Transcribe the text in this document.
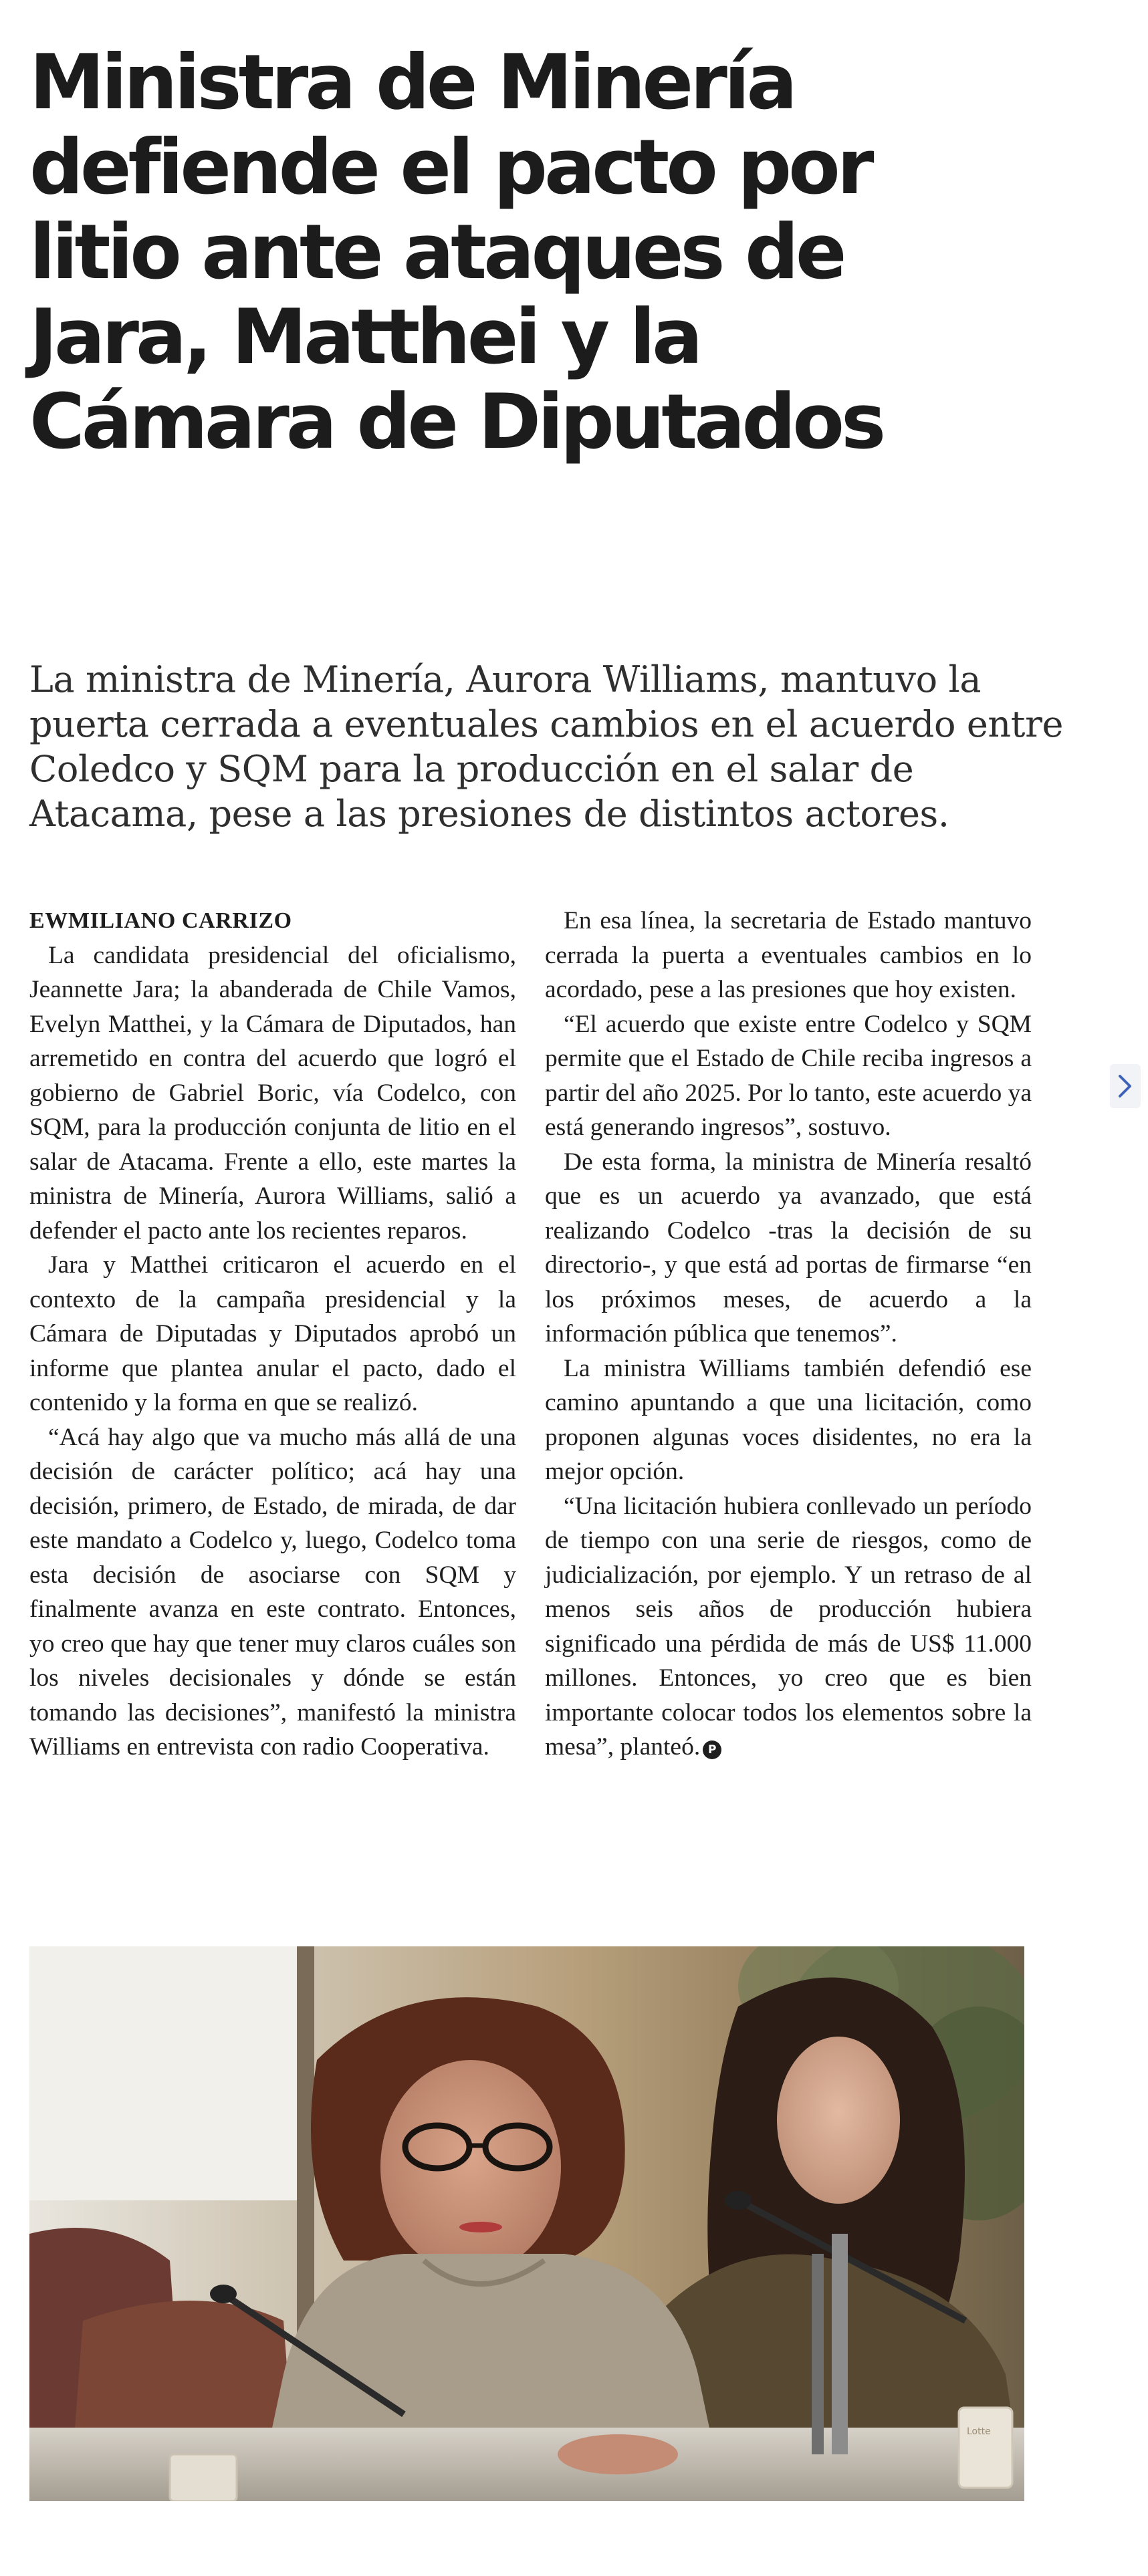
Ministra de Minería defiende el pacto por litio ante ataques de Jara, Matthei y la Cámara de Diputados

La ministra de Minería, Aurora Williams, mantuvo la puerta cerrada a eventuales cambios en el acuerdo entre Coledco y SQM para la producción en el salar de Atacama, pese a las presiones de distintos actores.

EWMILIANO CARRIZO

La candidata presidencial del oficialismo, Jeannette Jara; la abanderada de Chile Vamos, Evelyn Matthei, y la Cámara de Diputados, han arremetido en contra del acuerdo que logró el gobierno de Gabriel Boric, vía Codelco, con SQM, para la producción conjunta de litio en el salar de Atacama. Frente a ello, este martes la ministra de Minería, Aurora Williams, salió a defender el pacto ante los recientes reparos.

Jara y Matthei criticaron el acuerdo en el contexto de la campaña presidencial y la Cámara de Diputadas y Diputados aprobó un informe que plantea anular el pacto, dado el contenido y la forma en que se realizó.

“Acá hay algo que va mucho más allá de una decisión de carácter político; acá hay una decisión, primero, de Estado, de mirada, de dar este mandato a Codelco y, luego, Codelco toma esta decisión de asociarse con SQM y finalmente avanza en este contrato. Entonces, yo creo que hay que tener muy claros cuáles son los niveles decisionales y dónde se están tomando las decisiones”, manifestó la ministra Williams en entrevista con radio Cooperativa.

En esa línea, la secretaria de Estado mantuvo cerrada la puerta a eventuales cambios en lo acordado, pese a las presiones que hoy existen.

“El acuerdo que existe entre Codelco y SQM permite que el Estado de Chile reciba ingresos a partir del año 2025. Por lo tanto, este acuerdo ya está generando ingresos”, sostuvo.

De esta forma, la ministra de Minería resaltó que es un acuerdo ya avanzado, que está realizando Codelco -tras la decisión de su directorio-, y que está ad portas de firmarse “en los próximos meses, de acuerdo a la información pública que tenemos”.

La ministra Williams también defendió ese camino apuntando a que una licitación, como proponen algunas voces disidentes, no era la mejor opción.

“Una licitación hubiera conllevado un período de tiempo con una serie de riesgos, como de judicialización, por ejemplo. Y un retraso de al menos seis años de producción hubiera significado una pérdida de más de US$ 11.000 millones. Entonces, yo creo que es bien importante colocar todos los elementos sobre la mesa”, planteó. P

Lotte
